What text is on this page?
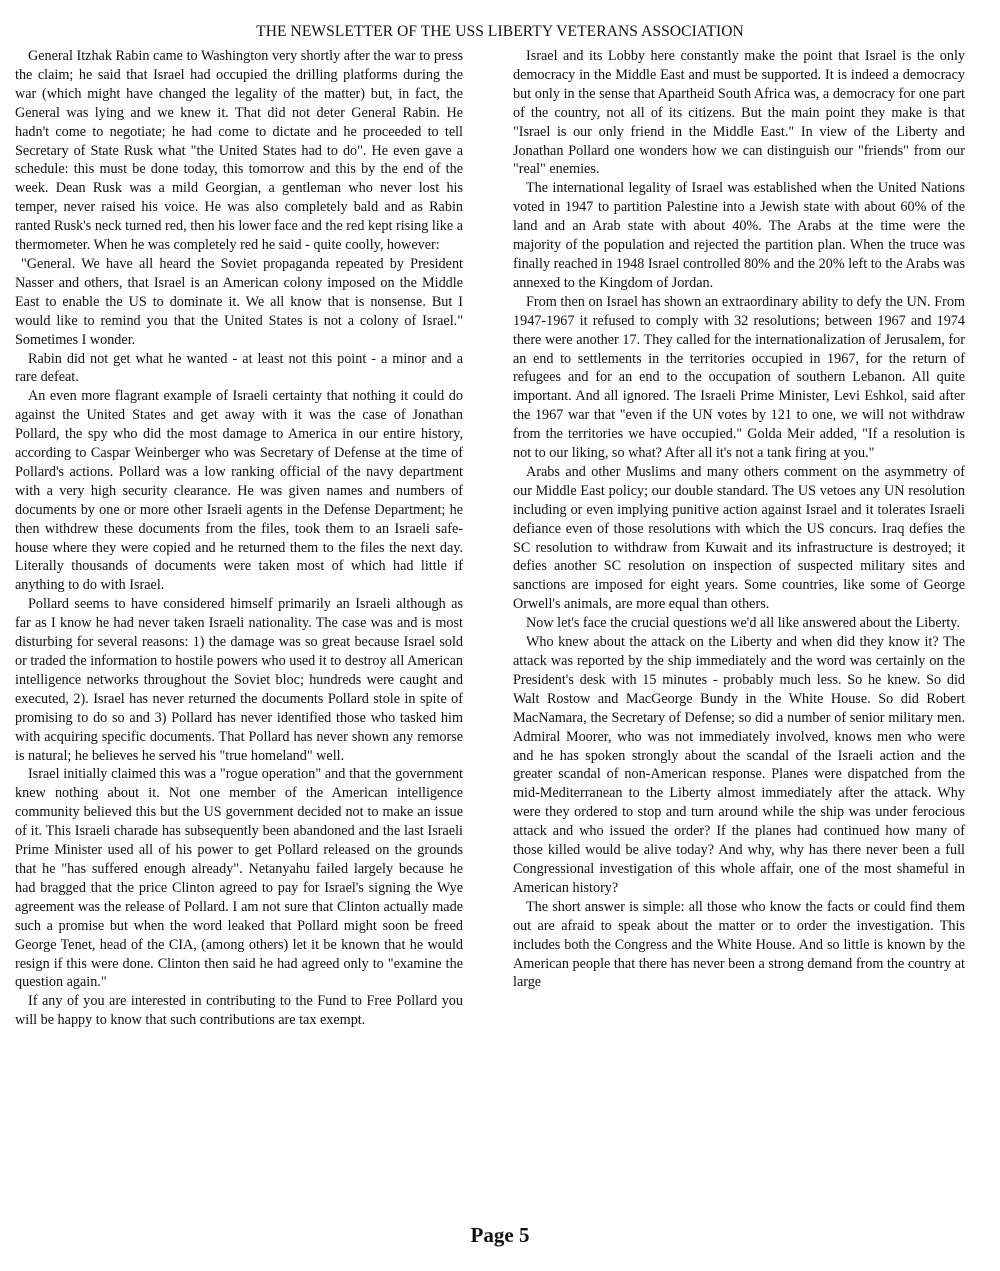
THE NEWSLETTER OF THE USS LIBERTY VETERANS ASSOCIATION

General Itzhak Rabin came to Washington very shortly after the war to press the claim; he said that Israel had occupied the drilling platforms during the war (which might have changed the legality of the matter) but, in fact, the General was lying and we knew it. That did not deter General Rabin. He hadn't come to negotiate; he had come to dictate and he proceeded to tell Secretary of State Rusk what "the United States had to do". He even gave a schedule: this must be done today, this tomorrow and this by the end of the week. Dean Rusk was a mild Georgian, a gentleman who never lost his temper, never raised his voice. He was also completely bald and as Rabin ranted Rusk's neck turned red, then his lower face and the red kept rising like a thermometer. When he was completely red he said - quite coolly, however:

"General. We have all heard the Soviet propaganda repeated by President Nasser and others, that Israel is an American colony imposed on the Middle East to enable the US to dominate it. We all know that is nonsense. But I would like to remind you that the United States is not a colony of Israel." Sometimes I wonder.

Rabin did not get what he wanted - at least not this point - a minor and a rare defeat.

An even more flagrant example of Israeli certainty that nothing it could do against the United States and get away with it was the case of Jonathan Pollard, the spy who did the most damage to America in our entire history, according to Caspar Weinberger who was Secretary of Defense at the time of Pollard's actions. Pollard was a low ranking official of the navy department with a very high security clearance. He was given names and numbers of documents by one or more other Israeli agents in the Defense Department; he then withdrew these documents from the files, took them to an Israeli safe-house where they were copied and he returned them to the files the next day. Literally thousands of documents were taken most of which had little if anything to do with Israel.

Pollard seems to have considered himself primarily an Israeli although as far as I know he had never taken Israeli nationality. The case was and is most disturbing for several reasons: 1) the damage was so great because Israel sold or traded the information to hostile powers who used it to destroy all American intelligence networks throughout the Soviet bloc; hundreds were caught and executed, 2). Israel has never returned the documents Pollard stole in spite of promising to do so and 3) Pollard has never identified those who tasked him with acquiring specific documents. That Pollard has never shown any remorse is natural; he believes he served his "true homeland" well.

Israel initially claimed this was a "rogue operation" and that the government knew nothing about it. Not one member of the American intelligence community believed this but the US government decided not to make an issue of it. This Israeli charade has subsequently been abandoned and the last Israeli Prime Minister used all of his power to get Pollard released on the grounds that he "has suffered enough already". Netanyahu failed largely because he had bragged that the price Clinton agreed to pay for Israel's signing the Wye agreement was the release of Pollard. I am not sure that Clinton actually made such a promise but when the word leaked that Pollard might soon be freed George Tenet, head of the CIA, (among others) let it be known that he would resign if this were done. Clinton then said he had agreed only to "examine the question again."

If any of you are interested in contributing to the Fund to Free Pollard you will be happy to know that such contributions are tax exempt.

Israel and its Lobby here constantly make the point that Israel is the only democracy in the Middle East and must be supported. It is indeed a democracy but only in the sense that Apartheid South Africa was, a democracy for one part of the country, not all of its citizens. But the main point they make is that "Israel is our only friend in the Middle East." In view of the Liberty and Jonathan Pollard one wonders how we can distinguish our "friends" from our "real" enemies.

The international legality of Israel was established when the United Nations voted in 1947 to partition Palestine into a Jewish state with about 60% of the land and an Arab state with about 40%. The Arabs at the time were the majority of the population and rejected the partition plan. When the truce was finally reached in 1948 Israel controlled 80% and the 20% left to the Arabs was annexed to the Kingdom of Jordan.

From then on Israel has shown an extraordinary ability to defy the UN. From 1947-1967 it refused to comply with 32 resolutions; between 1967 and 1974 there were another 17. They called for the internationalization of Jerusalem, for an end to settlements in the territories occupied in 1967, for the return of refugees and for an end to the occupation of southern Lebanon. All quite important. And all ignored. The Israeli Prime Minister, Levi Eshkol, said after the 1967 war that "even if the UN votes by 121 to one, we will not withdraw from the territories we have occupied." Golda Meir added, "If a resolution is not to our liking, so what? After all it's not a tank firing at you."

Arabs and other Muslims and many others comment on the asymmetry of our Middle East policy; our double standard. The US vetoes any UN resolution including or even implying punitive action against Israel and it tolerates Israeli defiance even of those resolutions with which the US concurs. Iraq defies the SC resolution to withdraw from Kuwait and its infrastructure is destroyed; it defies another SC resolution on inspection of suspected military sites and sanctions are imposed for eight years. Some countries, like some of George Orwell's animals, are more equal than others.

Now let's face the crucial questions we'd all like answered about the Liberty.

Who knew about the attack on the Liberty and when did they know it? The attack was reported by the ship immediately and the word was certainly on the President's desk with 15 minutes - probably much less. So he knew. So did Walt Rostow and MacGeorge Bundy in the White House. So did Robert MacNamara, the Secretary of Defense; so did a number of senior military men. Admiral Moorer, who was not immediately involved, knows men who were and he has spoken strongly about the scandal of the Israeli action and the greater scandal of non-American response. Planes were dispatched from the mid-Mediterranean to the Liberty almost immediately after the attack. Why were they ordered to stop and turn around while the ship was under ferocious attack and who issued the order? If the planes had continued how many of those killed would be alive today? And why, why has there never been a full Congressional investigation of this whole affair, one of the most shameful in American history?

The short answer is simple: all those who know the facts or could find them out are afraid to speak about the matter or to order the investigation. This includes both the Congress and the White House. And so little is known by the American people that there has never been a strong demand from the country at large

Page 5
